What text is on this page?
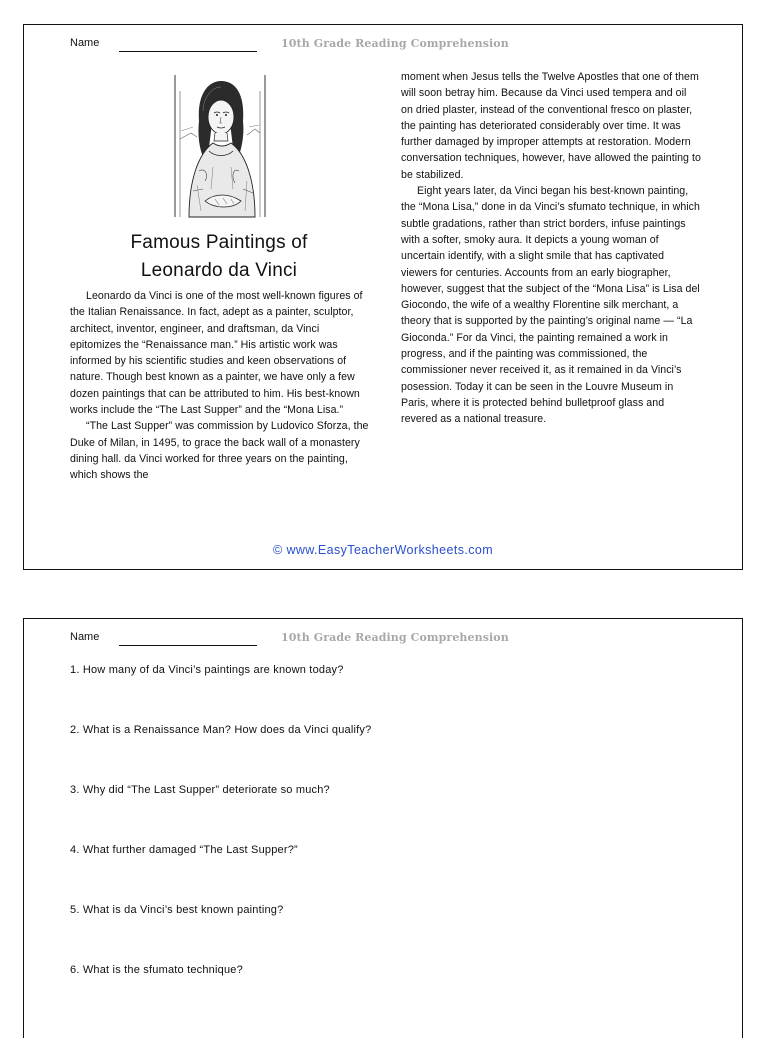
Name	10th Grade Reading Comprehension
Famous Paintings of
Leonardo da Vinci

Leonardo da Vinci is one of the most well-known figures of the Italian Renaissance. In fact, adept as a painter, sculptor, architect, inventor, engineer, and draftsman, da Vinci epitomizes the “Renaissance man.” His artistic work was informed by his scientific studies and keen observations of nature. Though best known as a painter, we have only a few dozen paintings that can be attributed to him. His best-known works include the “The Last Supper” and the “Mona Lisa.”

“The Last Supper” was commission by Ludovico Sforza, the Duke of Milan, in 1495, to grace the back wall of a monastery dining hall. da Vinci worked for three years on the painting, which shows the

moment when Jesus tells the Twelve Apostles that one of them will soon betray him. Because da Vinci used tempera and oil on dried plaster, instead of the conventional fresco on plaster, the painting has deteriorated considerably over time. It was further damaged by improper attempts at restoration. Modern conversation techniques, however, have allowed the painting to be stabilized.

Eight years later, da Vinci began his best-known painting, the “Mona Lisa,” done in da Vinci’s sfumato technique, in which subtle gradations, rather than strict borders, infuse paintings with a softer, smoky aura. It depicts a young woman of uncertain identify, with a slight smile that has captivated viewers for centuries. Accounts from an early biographer, however, suggest that the subject of the “Mona Lisa” is Lisa del Giocondo, the wife of a wealthy Florentine silk merchant, a theory that is supported by the painting’s original name — “La Gioconda.” For da Vinci, the painting remained a work in progress, and if the painting was commissioned, the commissioner never received it, as it remained in da Vinci’s posession. Today it can be seen in the Louvre Museum in Paris, where it is protected behind bulletproof glass and revered as a national treasure.

© www.EasyTeacherWorksheets.com
Name	10th Grade Reading Comprehension
1. How many of da Vinci’s paintings are known today?
2. What is a Renaissance Man? How does da Vinci qualify?
3. Why did “The Last Supper” deteriorate so much?
4. What further damaged “The Last Supper?”
5. What is da Vinci’s best known painting?
6. What is the sfumato technique?
